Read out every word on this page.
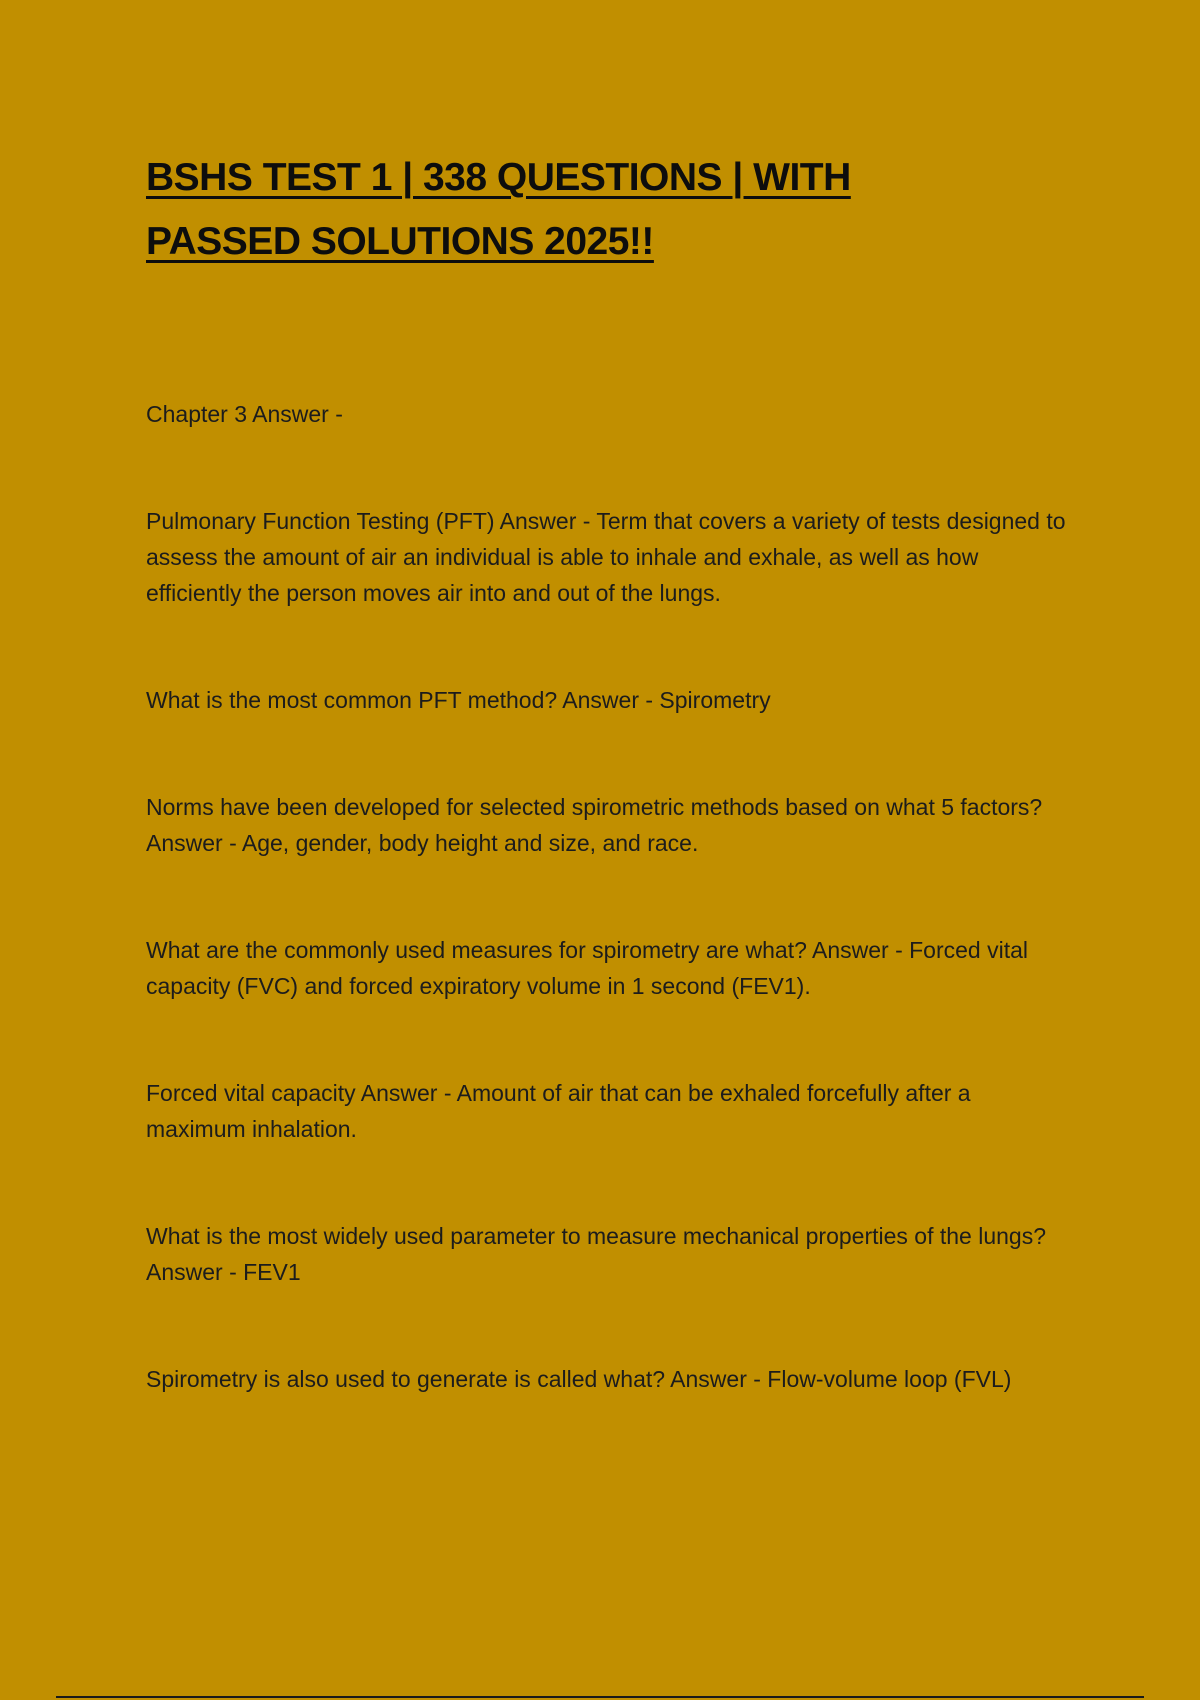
BSHS TEST 1 | 338 QUESTIONS | WITH
PASSED SOLUTIONS 2025!!

Chapter 3 Answer -

Pulmonary Function Testing (PFT) Answer - Term that covers a variety of tests designed to assess the amount of air an individual is able to inhale and exhale, as well as how efficiently the person moves air into and out of the lungs.

What is the most common PFT method? Answer - Spirometry

Norms have been developed for selected spirometric methods based on what 5 factors? Answer - Age, gender, body height and size, and race.

What are the commonly used measures for spirometry are what? Answer - Forced vital capacity (FVC) and forced expiratory volume in 1 second (FEV1).

Forced vital capacity Answer - Amount of air that can be exhaled forcefully after a maximum inhalation.

What is the most widely used parameter to measure mechanical properties of the lungs? Answer - FEV1

Spirometry is also used to generate is called what? Answer - Flow-volume loop (FVL)
